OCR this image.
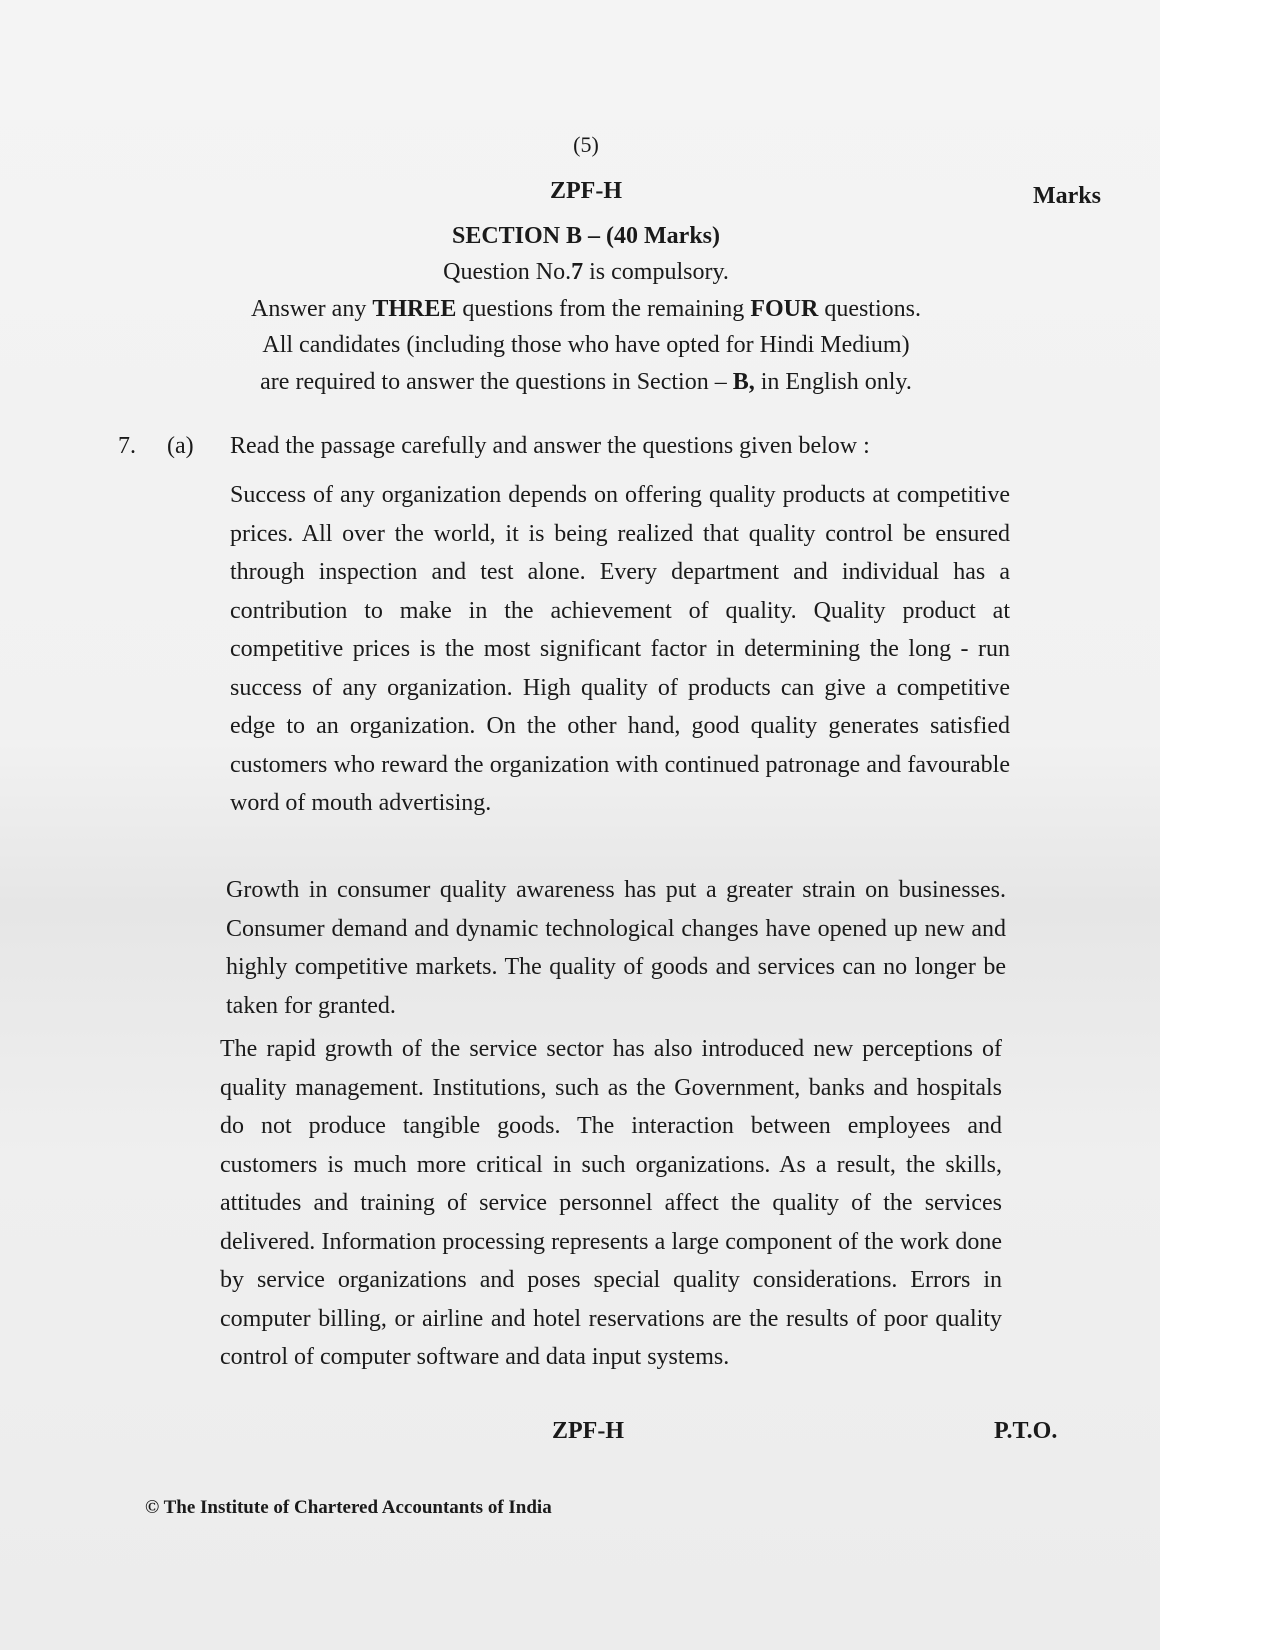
(5)
ZPF-H	Marks
SECTION B – (40 Marks)
Question No.7 is compulsory.
Answer any THREE questions from the remaining FOUR questions.
All candidates (including those who have opted for Hindi Medium)
are required to answer the questions in Section – B, in English only.
7. (a) Read the passage carefully and answer the questions given below :

Success of any organization depends on offering quality products at competitive prices. All over the world, it is being realized that quality control be ensured through inspection and test alone. Every department and individual has a contribution to make in the achievement of quality. Quality product at competitive prices is the most significant factor in determining the long - run success of any organization. High quality of products can give a competitive edge to an organization. On the other hand, good quality generates satisfied customers who reward the organization with continued patronage and favourable word of mouth advertising.

Growth in consumer quality awareness has put a greater strain on businesses. Consumer demand and dynamic technological changes have opened up new and highly competitive markets. The quality of goods and services can no longer be taken for granted.

The rapid growth of the service sector has also introduced new perceptions of quality management. Institutions, such as the Government, banks and hospitals do not produce tangible goods. The interaction between employees and customers is much more critical in such organizations. As a result, the skills, attitudes and training of service personnel affect the quality of the services delivered. Information processing represents a large component of the work done by service organizations and poses special quality considerations. Errors in computer billing, or airline and hotel reservations are the results of poor quality control of computer software and data input systems.

ZPF-H	P.T.O.
© The Institute of Chartered Accountants of India
